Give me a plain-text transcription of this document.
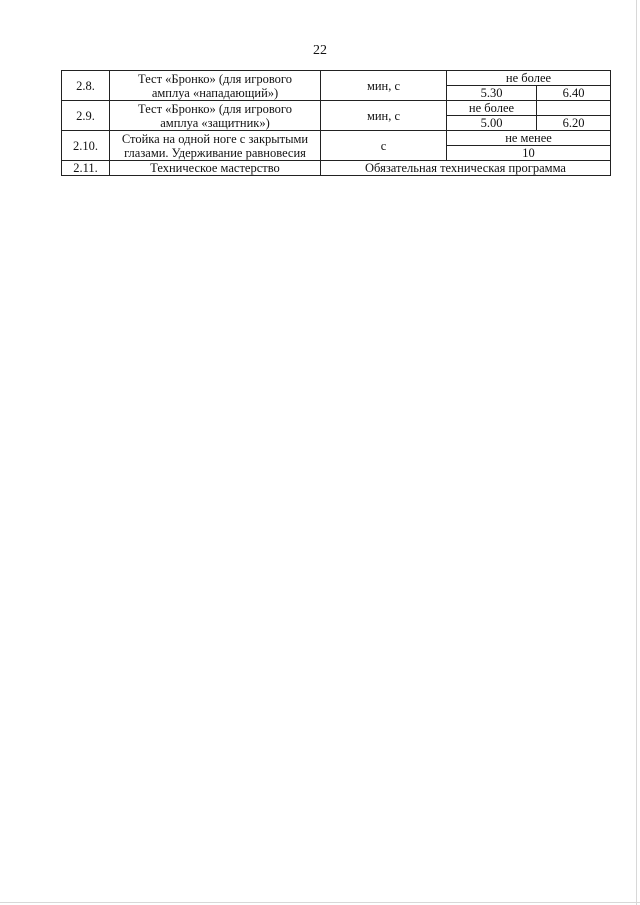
22
2.8.	Тест «Бронко» (для игрового
амплуа «нападающий»)	мин, с	не более	
			5.30	6.40
2.9.	Тест «Бронко» (для игрового
амплуа «защитник»)	мин, с	не более	
			5.00	6.20
2.10.	Стойка на одной ноге с закрытыми
глазами. Удерживание равновесия	с	не менее	
			10	
2.11.	Техническое мастерство	Обязательная техническая программа		
